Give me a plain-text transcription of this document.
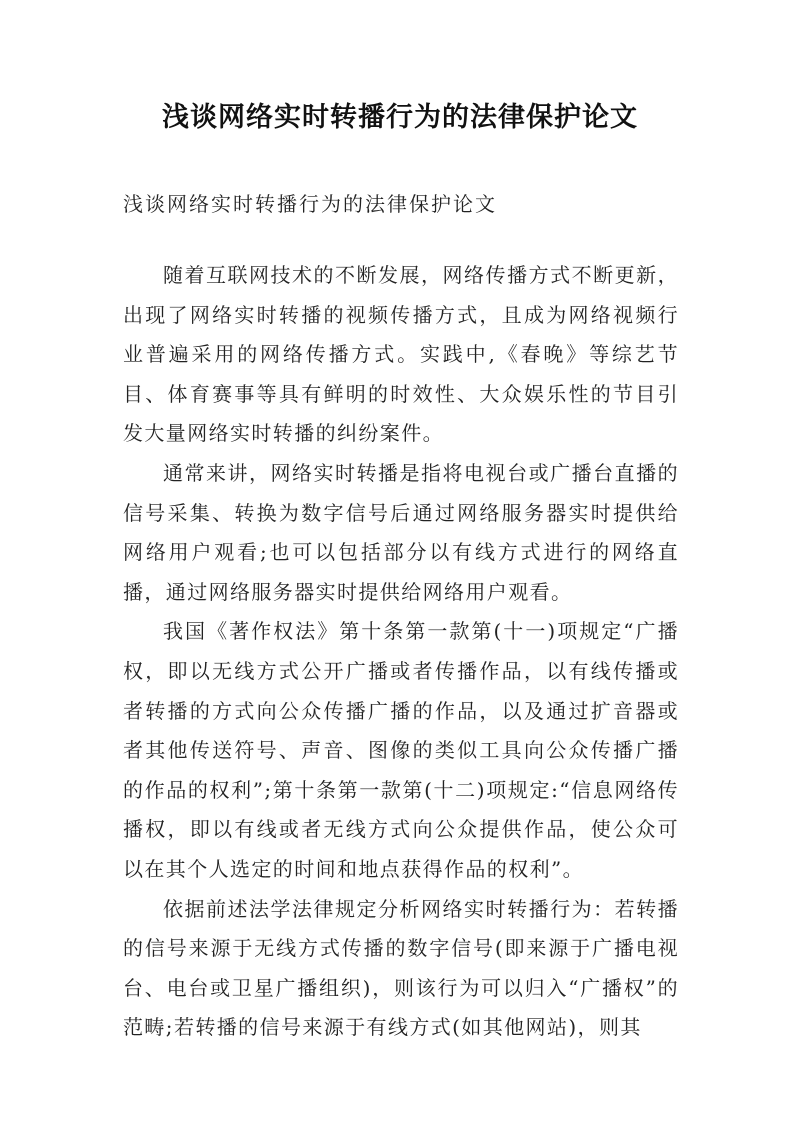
浅谈网络实时转播行为的法律保护论文

浅谈网络实时转播行为的法律保护论文

随着互联网技术的不断发展，网络传播方式不断更新，出现了网络实时转播的视频传播方式，且成为网络视频行业普遍采用的网络传播方式。实践中,《春晚》等综艺节目、体育赛事等具有鲜明的时效性、大众娱乐性的节目引发大量网络实时转播的纠纷案件。

通常来讲，网络实时转播是指将电视台或广播台直播的信号采集、转换为数字信号后通过网络服务器实时提供给网络用户观看;也可以包括部分以有线方式进行的网络直播，通过网络服务器实时提供给网络用户观看。

我国《著作权法》第十条第一款第(十一)项规定“广播权，即以无线方式公开广播或者传播作品，以有线传播或者转播的方式向公众传播广播的作品，以及通过扩音器或者其他传送符号、声音、图像的类似工具向公众传播广播的作品的权利”;第十条第一款第(十二)项规定:“信息网络传播权，即以有线或者无线方式向公众提供作品，使公众可以在其个人选定的时间和地点获得作品的权利”。

依据前述法学法律规定分析网络实时转播行为：若转播的信号来源于无线方式传播的数字信号(即来源于广播电视台、电台或卫星广播组织)，则该行为可以归入“广播权”的范畴;若转播的信号来源于有线方式(如其他网站)，则其
